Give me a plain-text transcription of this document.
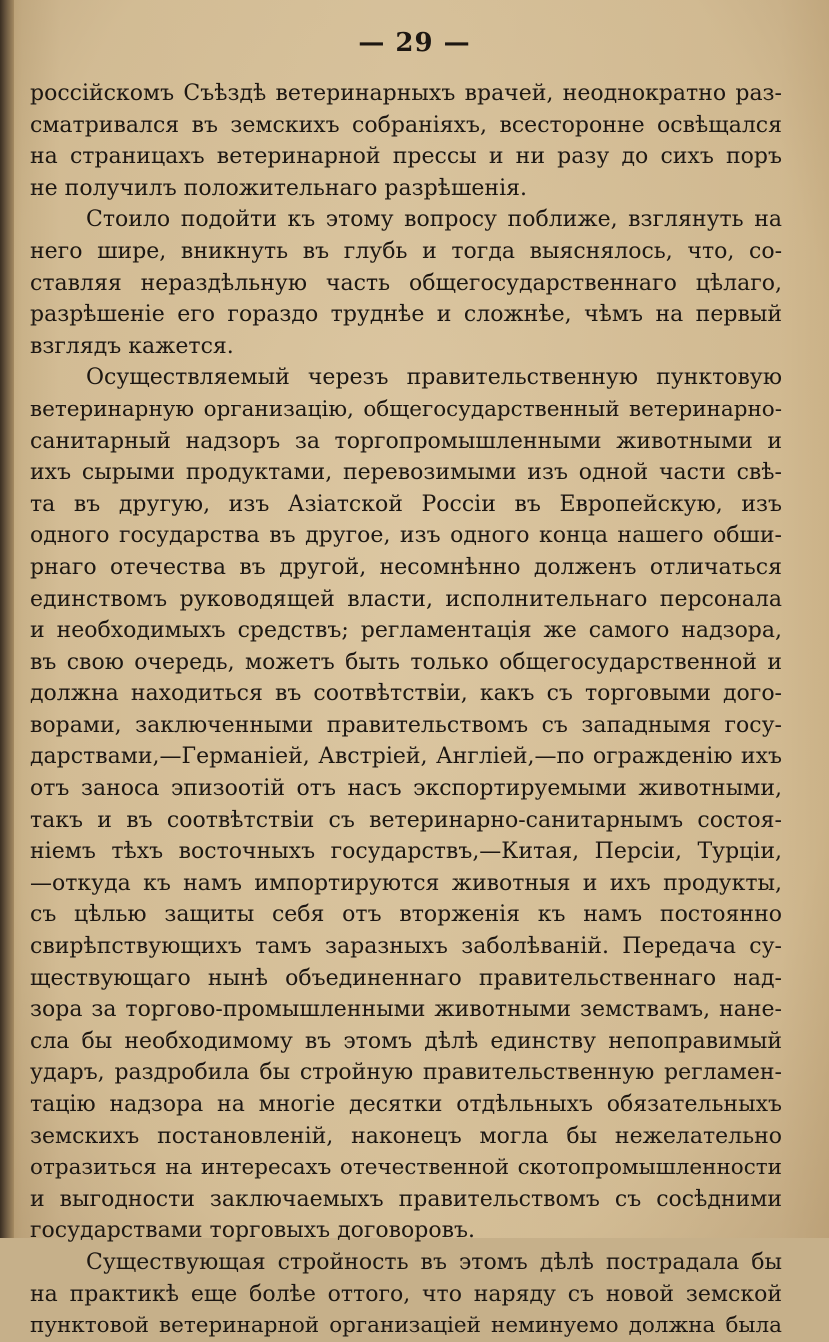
— 29 —
россійскомъ Съѣздѣ ветеринарныхъ врачей, неоднократно раз-
сматривался въ земскихъ собраніяхъ, всесторонне освѣщался
на страницахъ ветеринарной прессы и ни разу до сихъ поръ
не получилъ положительнаго разрѣшенія.
Стоило подойти къ этому вопросу поближе, взглянуть на
него шире, вникнуть въ глубь и тогда выяснялось, что, со-
ставляя нераздѣльную часть общегосударственнаго цѣлаго,
разрѣшеніе его гораздо труднѣе и сложнѣе, чѣмъ на первый
взглядъ кажется.
Осуществляемый черезъ правительственную пунктовую
ветеринарную организацію, общегосударственный ветеринарно-
санитарный надзоръ за торгопромышленными животными и
ихъ сырыми продуктами, перевозимыми изъ одной части свѣ-
та въ другую, изъ Азіатской Россіи въ Европейскую, изъ
одного государства въ другое, изъ одного конца нашего обши-
рнаго отечества въ другой, несомнѣнно долженъ отличаться
единствомъ руководящей власти, исполнительнаго персонала
и необходимыхъ средствъ; регламентація же самого надзора,
въ свою очередь, можетъ быть только общегосударственной и
должна находиться въ соотвѣтствіи, какъ съ торговыми дого-
ворами, заключенными правительствомъ съ западнымя госу-
дарствами,—Германіей, Австріей, Англіей,—по огражденію ихъ
отъ заноса эпизоотій отъ насъ экспортируемыми животными,
такъ и въ соотвѣтствіи съ ветеринарно-санитарнымъ состоя-
ніемъ тѣхъ восточныхъ государствъ,—Китая, Персіи, Турціи,
—откуда къ намъ импортируются животныя и ихъ продукты,
съ цѣлью защиты себя отъ вторженія къ намъ постоянно
свирѣпствующихъ тамъ заразныхъ заболѣваній. Передача су-
ществующаго нынѣ объединеннаго правительственнаго над-
зора за торгово-промышленными животными земствамъ, нане-
сла бы необходимому въ этомъ дѣлѣ единству непоправимый
ударъ, раздробила бы стройную правительственную регламен-
тацію надзора на многіе десятки отдѣльныхъ обязательныхъ
земскихъ постановленій, наконецъ могла бы нежелательно
отразиться на интересахъ отечественной скотопромышленности
и выгодности заключаемыхъ правительствомъ съ сосѣдними
государствами торговыхъ договоровъ.
Существующая стройность въ этомъ дѣлѣ пострадала бы
на практикѣ еще болѣе оттого, что наряду съ новой земской
пунктовой ветеринарной организаціей неминуемо должна была
